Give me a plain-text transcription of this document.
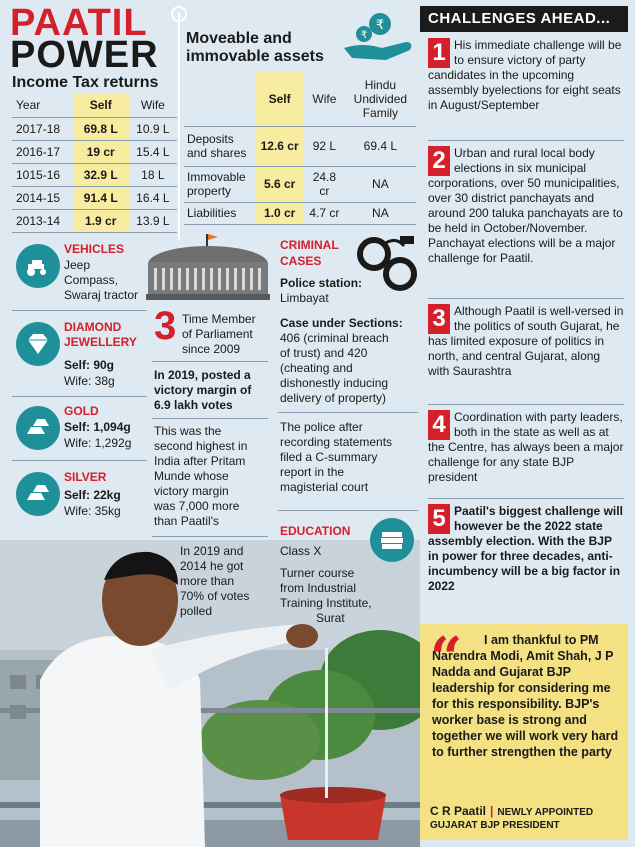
PAATIL
POWER
Income Tax returns
Year	Self	Wife
2017-18	69.8 L	10.9 L
2016-17	19 cr	15.4 L
1015-16	32.9 L	18 L
2014-15	91.4 L	16.4 L
2013-14	1.9 cr	13.9 L
Moveable and
immovable assets
₹
₹
	Self	Wife	Hindu Undivided Family
Deposits and shares	12.6 cr	92 L	69.4 L
Immovable property	5.6 cr	24.8 cr	NA
Liabilities	1.0 cr	4.7 cr	NA
VEHICLES
Jeep
Compass,
Swaraj tractor
DIAMOND
JEWELLERY
Self: 90g
Wife: 38g
GOLD
Self: 1,094g
Wife: 1,292g
SILVER
Self: 22kg
Wife: 35kg
3 Time Member
of Parliament
since 2009
In 2019, posted a
victory margin of
6.9 lakh votes
This was the
second highest in
India after Pritam
Munde whose
victory margin
was 7,000 more
than Paatil's
In 2019 and
2014 he got
more than
70% of votes
polled
CRIMINAL
CASES
Police station:
Limbayat
Case under Sections:
406 (criminal breach
of trust) and 420
(cheating and
dishonestly inducing
delivery of property)
The police after
recording statements
filed a C-summary
report in the
magisterial court
EDUCATION
Class X
Turner course
from Industrial
Training Institute,
Surat
CHALLENGES AHEAD...
1 His immediate challenge will be to ensure victory of party candidates in the upcoming assembly byelections for eight seats in August/September
2 Urban and rural local body elections in six municipal corporations, over 50 municipalities, over 30 district panchayats and around 200 taluka panchayats are to be held in October/November. Panchayat elections will be a major challenge for Paatil.
3 Although Paatil is well-versed in the politics of south Gujarat, he has limited exposure of politics in north, and central Gujarat, along with Saurashtra
4 Coordination with party leaders, both in the state as well as at the Centre, has always been a major challenge for any state BJP president
5 Paatil's biggest challenge will however be the 2022 state assembly election. With the BJP in power for three decades, anti-incumbency will be a big factor in 2022
“	I am thankful to PM Narendra Modi, Amit Shah, J P Nadda and Gujarat BJP leadership for considering me for this responsibility. BJP's worker base is strong and together we will work very hard to further strengthen the party
C R Paatil | NEWLY APPOINTED
GUJARAT BJP PRESIDENT
